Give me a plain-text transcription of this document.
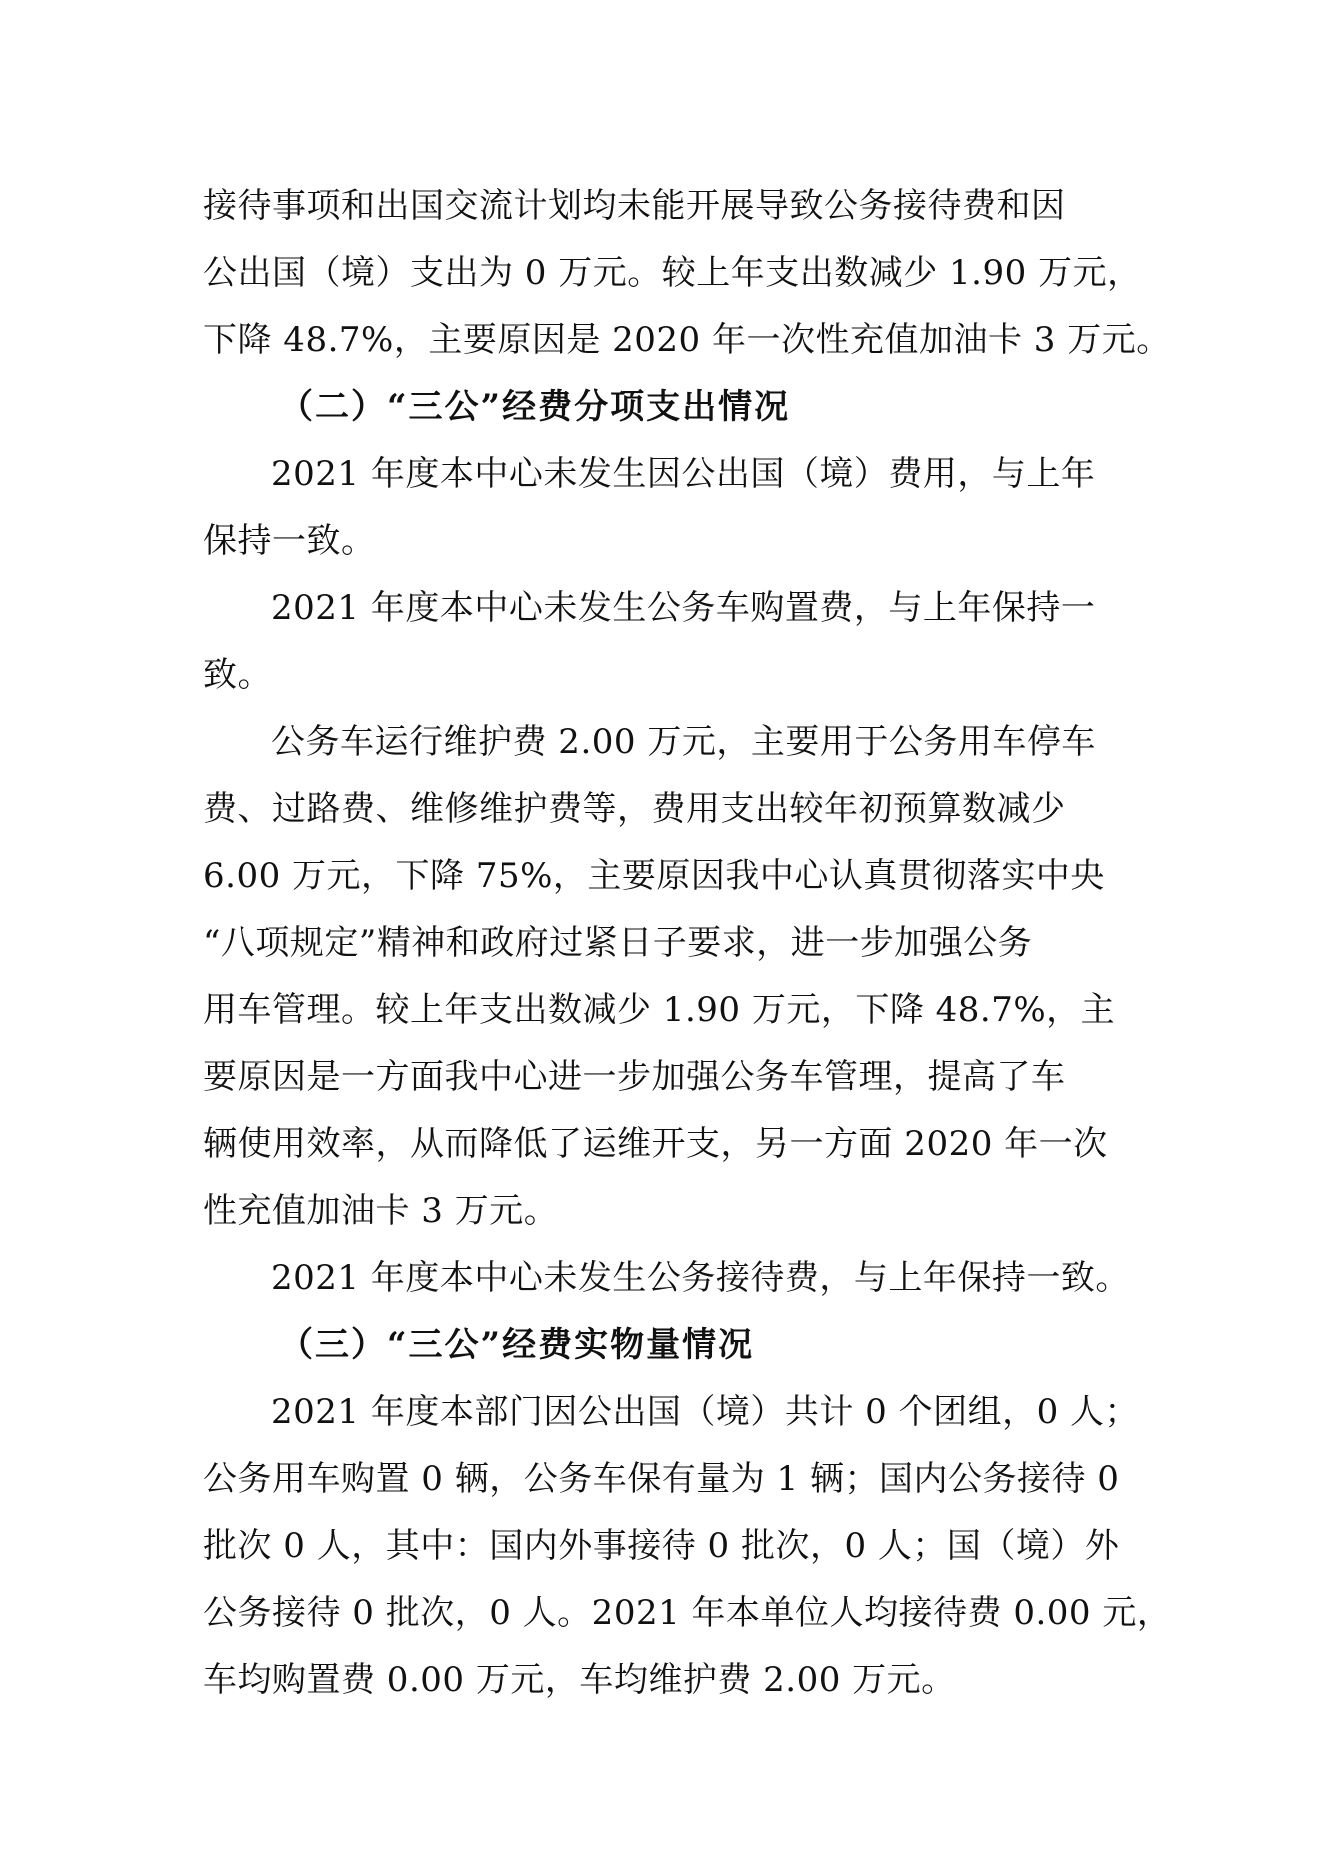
接待事项和出国交流计划均未能开展导致公务接待费和因
公出国（境）支出为 0 万元。较上年支出数减少 1.90 万元，
下降 48.7%，主要原因是 2020 年一次性充值加油卡 3 万元。
（二）“三公”经费分项支出情况
2021 年度本中心未发生因公出国（境）费用，与上年
保持一致。
2021 年度本中心未发生公务车购置费，与上年保持一
致。
公务车运行维护费 2.00 万元，主要用于公务用车停车
费、过路费、维修维护费等，费用支出较年初预算数减少
6.00 万元，下降 75%，主要原因我中心认真贯彻落实中央
“八项规定”精神和政府过紧日子要求，进一步加强公务
用车管理。较上年支出数减少 1.90 万元，下降 48.7%，主
要原因是一方面我中心进一步加强公务车管理，提高了车
辆使用效率，从而降低了运维开支，另一方面 2020 年一次
性充值加油卡 3 万元。
2021 年度本中心未发生公务接待费，与上年保持一致。
（三）“三公”经费实物量情况
2021 年度本部门因公出国（境）共计 0 个团组，0 人；
公务用车购置 0 辆，公务车保有量为 1 辆；国内公务接待 0
批次 0 人，其中：国内外事接待 0 批次，0 人；国（境）外
公务接待 0 批次，0 人。2021 年本单位人均接待费 0.00 元，
车均购置费 0.00 万元，车均维护费 2.00 万元。
